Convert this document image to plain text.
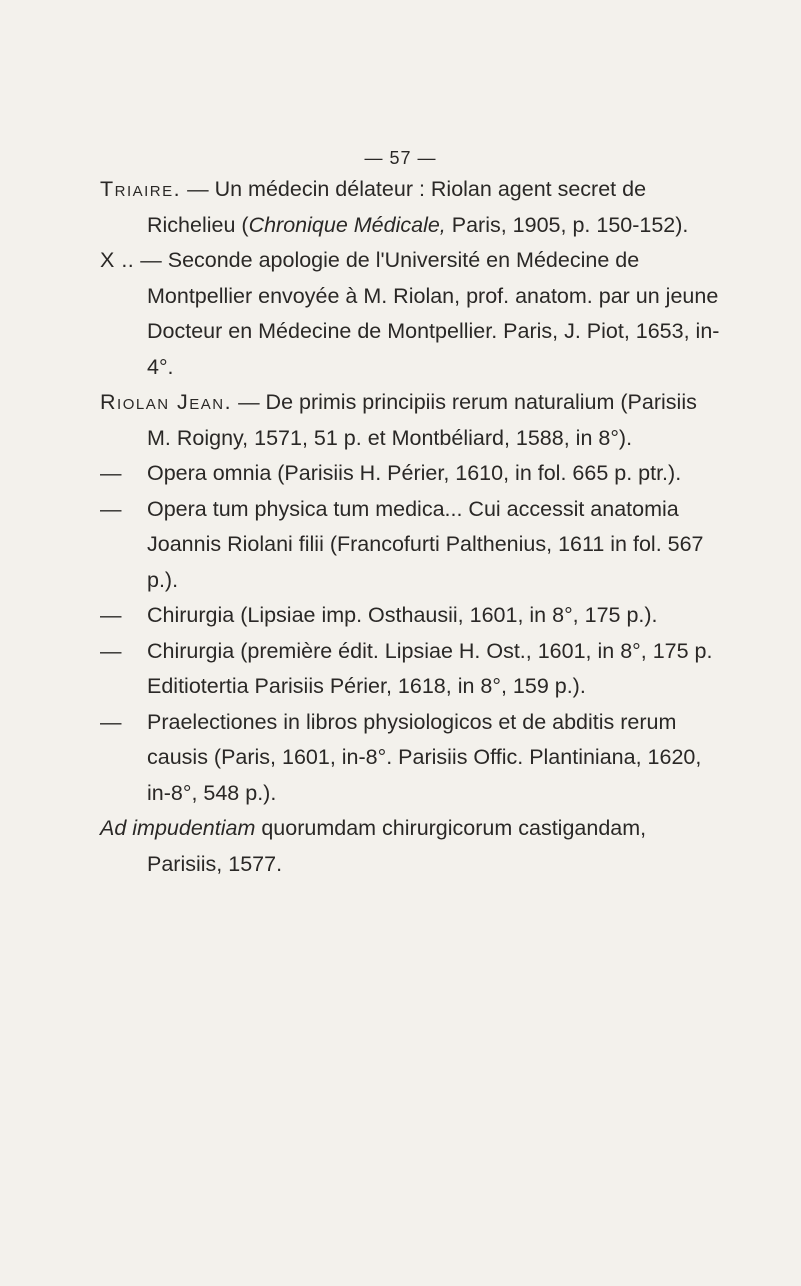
— 57 —

Triaire. — Un médecin délateur : Riolan agent secret de Richelieu (Chronique Médicale, Paris, 1905, p. 150-152).

X .. — Seconde apologie de l'Université en Médecine de Montpellier envoyée à M. Riolan, prof. anatom. par un jeune Docteur en Médecine de Montpellier. Paris, J. Piot, 1653, in-4°.

Riolan Jean. — De primis principiis rerum naturalium (Parisiis M. Roigny, 1571, 51 p. et Montbéliard, 1588, in 8°).

— Opera omnia (Parisiis H. Périer, 1610, in fol. 665 p. ptr.).

— Opera tum physica tum medica... Cui accessit anatomia Joannis Riolani filii (Francofurti Palthenius, 1611 in fol. 567 p.).

— Chirurgia (Lipsiae imp. Osthausii, 1601, in 8°, 175 p.).

— Chirurgia (première édit. Lipsiae H. Ost., 1601, in 8°, 175 p. Editiotertia Parisiis Périer, 1618, in 8°, 159 p.).

— Praelectiones in libros physiologicos et de abditis rerum causis (Paris, 1601, in-8°. Parisiis Offic. Plantiniana, 1620, in-8°, 548 p.).

Ad impudentiam quorumdam chirurgicorum castigandam, Parisiis, 1577.
